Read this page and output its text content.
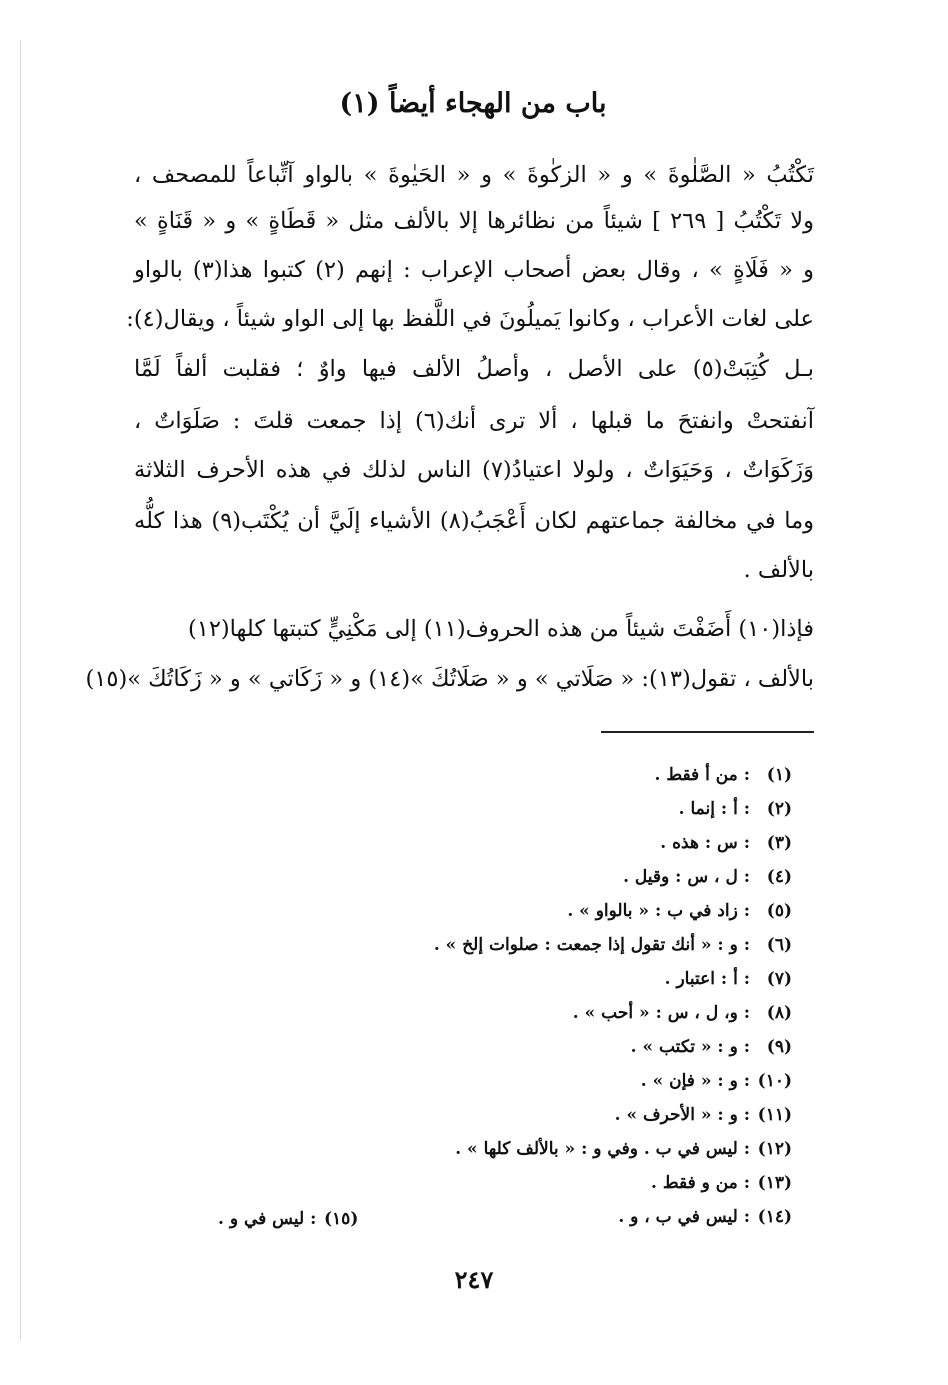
باب من الهجاء أيضاً (١)
تَكْتُبُ « الصَّلٰوةَ » و « الزكٰوةَ » و « الحَيٰوةَ » بالواو آتِّباعاً للمصحف ،
ولا تَكْتُبُ [ ٢٦٩ ] شيئاً من نظائرها إلا بالألف مثل « قَطَاةٍ » و « قَنَاةٍ »
و « فَلَاةٍ » ، وقال بعض أصحاب الإعراب : إنهم (٢) كتبوا هذا(٣) بالواو
على لغات الأعراب ، وكانوا يَميلُونَ في اللَّفظ بها إلى الواو شيئاً ، ويقال(٤):
بـل كُتِبَتْ(٥) على الأصل ، وأصلُ الألف فيها واوٌ ؛ فقلبت ألفاً لَمَّا
آنفتحتْ وانفتحَ ما قبلها ، ألا ترى أنك(٦) إذا جمعت قلتَ : صَلَوَاتٌ ،
وَزَكَوَاتٌ ، وَحَيَوَاتٌ ، ولولا اعتيادُ(٧) الناس لذلك في هذه الأحرف الثلاثة
وما في مخالفة جماعتهم لكان أَعْجَبُ(٨) الأشياء إلَيَّ أن يُكْتَب(٩) هذا كلُّه
بالألف .
فإذا(١٠) أَضَفْتَ شيئاً من هذه الحروف(١١) إلى مَكْنِيٍّ كتبتها كلها(١٢)
بالألف ، تقول(١٣): « صَلَاتي » و « صَلَاتُكَ »(١٤) و « زَكَاتي » و « زَكَاتُكَ »(١٥)
(١): من أ فقط .
(٢): أ : إنما .
(٣): س : هذه .
(٤): ل ، س : وقيل .
(٥): زاد في ب : « بالواو » .
(٦): و : « أنك تقول إذا جمعت : صلوات إلخ » .
(٧): أ : اعتبار .
(٨): و، ل ، س : « أحب » .
(٩): و : « تكتب » .
(١٠): و : « فإن » .
(١١): و : « الأحرف » .
(١٢): ليس في ب . وفي و : « بالألف كلها » .
(١٣): من و فقط .
(١٤): ليس في ب ، و .
(١٥): ليس في و .
٢٤٧
